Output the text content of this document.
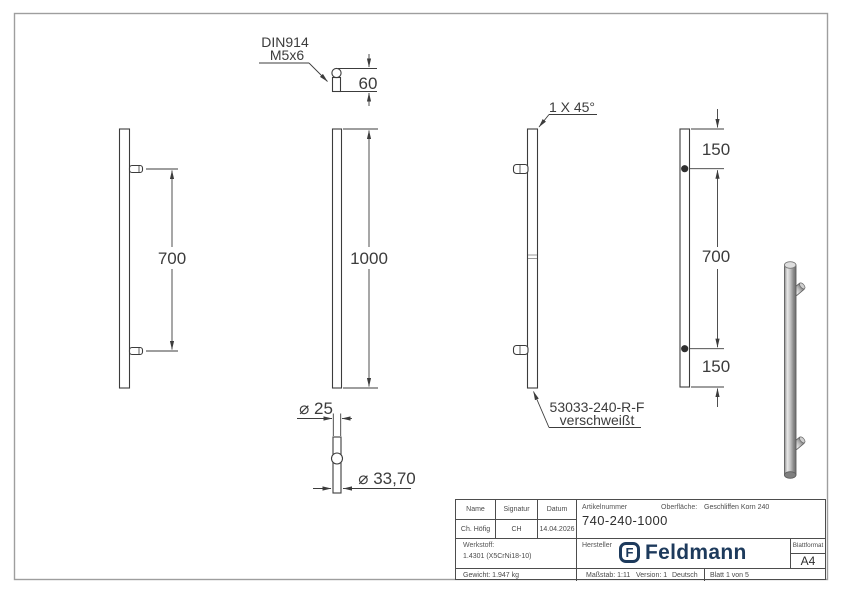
700
60
DIN914
M5x6
1000
⌀ 25
⌀ 33,70
1 X 45°
53033-240-R-F
verschweißt
150
700
150
Name	Signatur	Datum
Ch. Höfig	CH	14.04.2026
Werkstoff:
1.4301 (X5CrNi18-10)
Gewicht: 1.947 kg
Artikelnummer
740-240-1000
Oberfläche: Geschliffen Korn 240
Hersteller	F Feldmann	Blattformat
A4
Maßstab: 1:11 Version: 1 Deutsch Blatt 1 von 5
